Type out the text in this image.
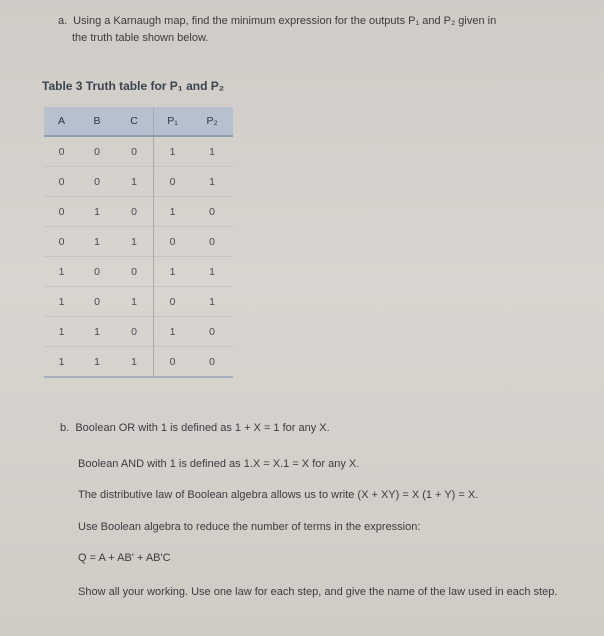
a. Using a Karnaugh map, find the minimum expression for the outputs P₁ and P₂ given in
the truth table shown below.
Table 3 Truth table for P₁ and P₂
A	B	C	P₁	P₂
0	0	0	1	1
0	0	1	0	1
0	1	0	1	0
0	1	1	0	0
1	0	0	1	1
1	0	1	0	1
1	1	0	1	0
1	1	1	0	0

b. Boolean OR with 1 is defined as 1 + X = 1 for any X.

Boolean AND with 1 is defined as 1.X = X.1 = X for any X.

The distributive law of Boolean algebra allows us to write (X + XY) = X (1 + Y) = X.

Use Boolean algebra to reduce the number of terms in the expression:

Q = A + AB' + AB'C

Show all your working. Use one law for each step, and give the name of the law used in each step.
